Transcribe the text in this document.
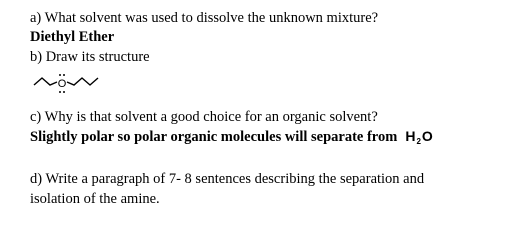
a) What solvent was used to dissolve the unknown mixture?
Diethyl Ether
b) Draw its structure
O
c) Why is that solvent a good choice for an organic solvent?
Slightly polar so polar organic molecules will separate from $H_2O$
d) Write a paragraph of 7- 8 sentences describing the separation and
isolation of the amine.
